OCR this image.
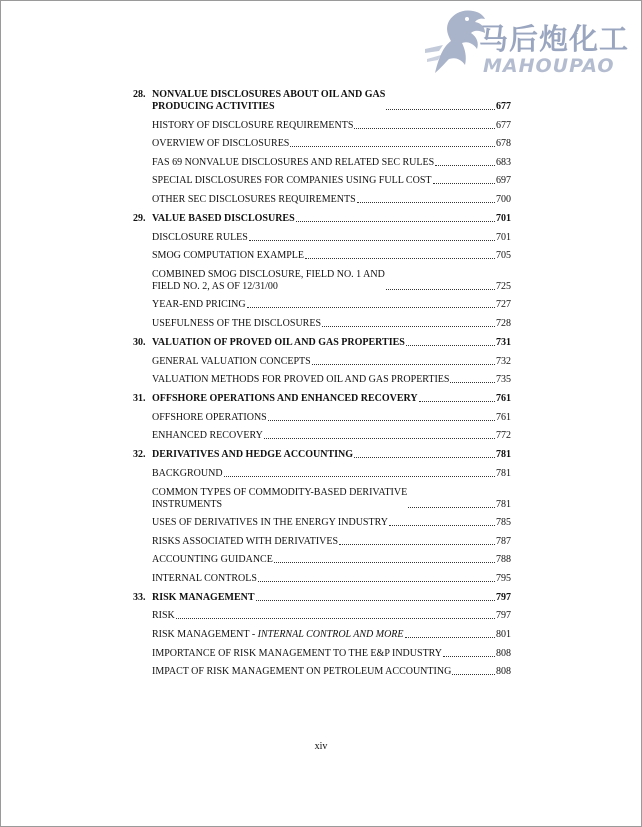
马后炮化工
MAHOUPAO
28. NONVALUE DISCLOSURES ABOUT OIL AND GAS
PRODUCING ACTIVITIES	677
HISTORY OF DISCLOSURE REQUIREMENTS	677
OVERVIEW OF DISCLOSURES	678
FAS 69 NONVALUE DISCLOSURES AND RELATED SEC RULES	683
SPECIAL DISCLOSURES FOR COMPANIES USING FULL COST	697
OTHER SEC DISCLOSURES REQUIREMENTS	700
29. VALUE BASED DISCLOSURES	701
DISCLOSURE RULES	701
SMOG COMPUTATION EXAMPLE	705
COMBINED SMOG DISCLOSURE, FIELD NO. 1 AND
FIELD NO. 2, AS OF 12/31/00	725
YEAR-END PRICING	727
USEFULNESS OF THE DISCLOSURES	728
30. VALUATION OF PROVED OIL AND GAS PROPERTIES	731
GENERAL VALUATION CONCEPTS	732
VALUATION METHODS FOR PROVED OIL AND GAS PROPERTIES	735
31. OFFSHORE OPERATIONS AND ENHANCED RECOVERY	761
OFFSHORE OPERATIONS	761
ENHANCED RECOVERY	772
32. DERIVATIVES AND HEDGE ACCOUNTING	781
BACKGROUND	781
COMMON TYPES OF COMMODITY-BASED DERIVATIVE
INSTRUMENTS	781
USES OF DERIVATIVES IN THE ENERGY INDUSTRY	785
RISKS ASSOCIATED WITH DERIVATIVES	787
ACCOUNTING GUIDANCE	788
INTERNAL CONTROLS	795
33. RISK MANAGEMENT	797
RISK	797
RISK MANAGEMENT - INTERNAL CONTROL AND MORE	801
IMPORTANCE OF RISK MANAGEMENT TO THE E&P INDUSTRY	808
IMPACT OF RISK MANAGEMENT ON PETROLEUM ACCOUNTING	808
xiv
